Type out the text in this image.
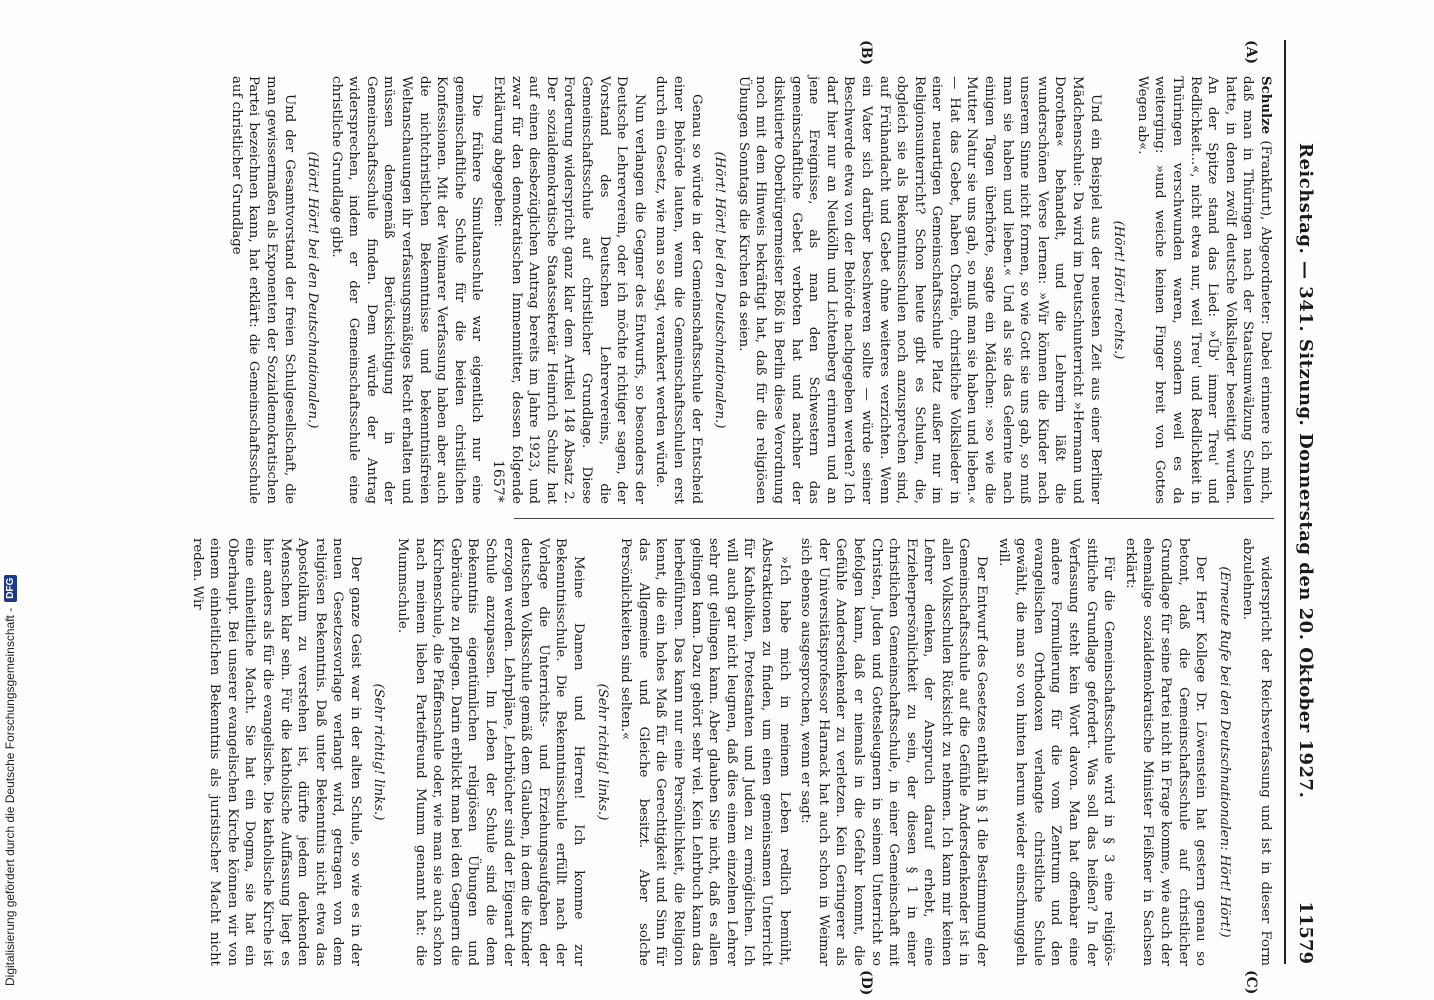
Reichstag. — 341. Sitzung. Donnerstag den 20. Oktober 1927.
11579
(A)
(B)
(C)
(D)

Schulze (Frankfurt), Abgeordneter: Dabei erinnere ich mich, daß man in Thüringen nach der Staatsumwälzung Schulen hatte, in denen zwölf deutsche Volkslieder beseitigt wurden. An der Spitze stand das Lied: »Üb' immer Treu' und Redlichkeit...«, nicht etwa nur, weil Treu' und Redlichkeit in Thüringen verschwunden waren, sondern weil es da weiterging: »und weiche keinen Finger breit von Gottes Wegen ab«.

(Hört! Hört! rechts.)

Und ein Beispiel aus der neuesten Zeit aus einer Berliner Mädchenschule: Da wird im Deutschunterricht »Hermann und Dorothea« behandelt, und die Lehrerin läßt die wunderschönen Verse lernen: »Wir können die Kinder nach unserem Sinne nicht formen, so wie Gott sie uns gab, so muß man sie haben und lieben.« Und als sie das Gelernte nach einigen Tagen überhörte, sagte ein Mädchen: »so wie die Mutter Natur sie uns gab, so muß man sie haben und lieben.« — Hat das Gebet, haben Choräle, christliche Volkslieder in einer neuartigen Gemeinschaftsschule Platz außer nur im Religionsunterricht? Schon heute gibt es Schulen, die, obgleich sie als Bekenntnisschulen noch anzusprechen sind, auf Frühandacht und Gebet ohne weiteres verzichten. Wenn ein Vater sich darüber beschweren sollte — würde seiner Beschwerde etwa von der Behörde nachgegeben werden? Ich darf hier nur an Neukölln und Lichtenberg erinnern und an jene Ereignisse, als man den Schwestern das gemeinschaftliche Gebet verboten hat und nachher der diskutierte Oberbürgermeister Böß in Berlin diese Verordnung noch mit dem Hinweis bekräftigt hat, daß für die religiösen Übungen Sonntags die Kirchen da seien.

(Hört! Hört! bei den Deutschnationalen.)

Genau so würde in der Gemeinschaftsschule der Entscheid einer Behörde lauten, wenn die Gemeinschaftsschulen erst durch ein Gesetz, wie man so sagt, verankert werden würde.

Nun verlangen die Gegner des Entwurfs, so besonders der Deutsche Lehrerverein, oder ich möchte richtiger sagen, der Vorstand des Deutschen Lehrervereins, die Gemeinschaftsschule auf christlicher Grundlage. Diese Forderung widerspricht ganz klar dem Artikel 148 Absatz 2. Der sozialdemokratische Staatssekretär Heinrich Schulz hat auf einen diesbezüglichen Antrag bereits im Jahre 1923, und zwar für den demokratischen Immenmitter, dessen folgende Erklärung abgegeben:

Die frühere Simultanschule war eigentlich nur eine gemeinschaftliche Schule für die beiden christlichen Konfessionen. Mit der Weimarer Verfassung haben aber auch die nichtchristlichen Bekenntnisse und bekenntnisfreien Weltanschauungen ihr verfassungsmäßiges Recht erhalten und müssen demgemäß Berücksichtigung in der Gemeinschaftsschule finden. Dem würde der Antrag widersprechen, indem er der Gemeinschaftsschule eine christliche Grundlage gibt.

(Hört! Hört! bei den Deutschnationalen.)

Und der Gesamtvorstand der freien Schulgesellschaft, die man gewissermaßen als Exponenten der Sozialdemokratischen Partei bezeichnen kann, hat erklärt: die Gemeinschaftsschule auf christlicher Grundlage

widerspricht der Reichsverfassung und ist in dieser Form abzulehnen.

(Erneute Rufe bei den Deutschnationalen: Hört! Hört!)

Der Herr Kollege Dr. Löwenstein hat gestern genau so betont, daß die Gemeinschaftsschule auf christlicher Grundlage für seine Partei nicht in Frage komme, wie auch der ehemalige sozialdemokratische Minister Fleißner in Sachsen erklärt:

Für die Gemeinschaftsschule wird in § 3 eine religiös-sittliche Grundlage gefordert. Was soll das heißen? In der Verfassung steht kein Wort davon. Man hat offenbar eine andere Formulierung für die vom Zentrum und den evangelischen Orthodoxen verlangte christliche Schule gewählt, die man so von hinten herum wieder einschmuggeln will.

Der Entwurf des Gesetzes enthält in § 1 die Bestimmung der Gemeinschaftsschule auf die Gefühle Andersdenkender ist in allen Volksschulen Rücksicht zu nehmen. Ich kann mir keinen Lehrer denken, der Anspruch darauf erhebt, eine Erzieherpersönlichkeit zu sein, der diesen § 1 in einer christlichen Gemeinschaftsschule, in einer Gemeinschaft mit Christen, Juden und Gottesleugnern in seinem Unterricht so befolgen kann, daß er niemals in die Gefahr kommt, die Gefühle Andersdenkender zu verletzen. Kein Geringerer als der Universitätsprofessor Harnack hat auch schon in Weimar sich ebenso ausgesprochen, wenn er sagt:

»Ich habe mich in meinem Leben redlich bemüht, Abstraktionen zu finden, um einen gemeinsamen Unterricht für Katholiken, Protestanten und Juden zu ermöglichen. Ich will auch gar nicht leugnen, daß dies einem einzelnen Lehrer sehr gut gelingen kann. Aber glauben Sie nicht, daß es allen gelingen kann. Dazu gehört sehr viel. Kein Lehrbuch kann das herbeiführen. Das kann nur eine Persönlichkeit, die Religion kennt, die ein hohes Maß für die Gerechtigkeit und Sinn für das Allgemeine und Gleiche besitzt. Aber solche Persönlichkeiten sind selten.«

(Sehr richtig! links.)

Meine Damen und Herren! Ich komme zur Bekenntnisschule. Die Bekenntnisschule erfüllt nach der Vorlage die Unterrichts- und Erziehungsaufgaben der deutschen Volksschule gemäß dem Glauben, in dem die Kinder erzogen werden. Lehrpläne, Lehrbücher sind der Eigenart der Schule anzupassen. Im Leben der Schule sind die dem Bekenntnis eigentümlichen religiösen Übungen und Gebräuche zu pflegen. Darin erblickt man bei den Gegnern die Kirchenschule, die Pfaffenschule oder, wie man sie auch schon nach meinem lieben Parteifreund Mumm genannt hat: die Mummschule.

(Sehr richtig! links.)

Der ganze Geist war in der alten Schule, so wie es in der neuen Gesetzesvorlage verlangt wird, getragen von dem religiösen Bekenntnis. Daß unter Bekenntnis nicht etwa das Apostolikum zu verstehen ist, dürfte jedem denkenden Menschen klar sein. Für die katholische Auffassung liegt es hier anders als für die evangelische. Die katholische Kirche ist eine einheitliche Macht. Sie hat ein Dogma, sie hat ein Oberhaupt. Bei unserer evangelischen Kirche können wir von einem einheitlichen Bekenntnis als juristischer Macht nicht reden. Wir

1657*
Digitalisierung gefördert durch die Deutsche Forschungsgemeinschaft -
DFG
